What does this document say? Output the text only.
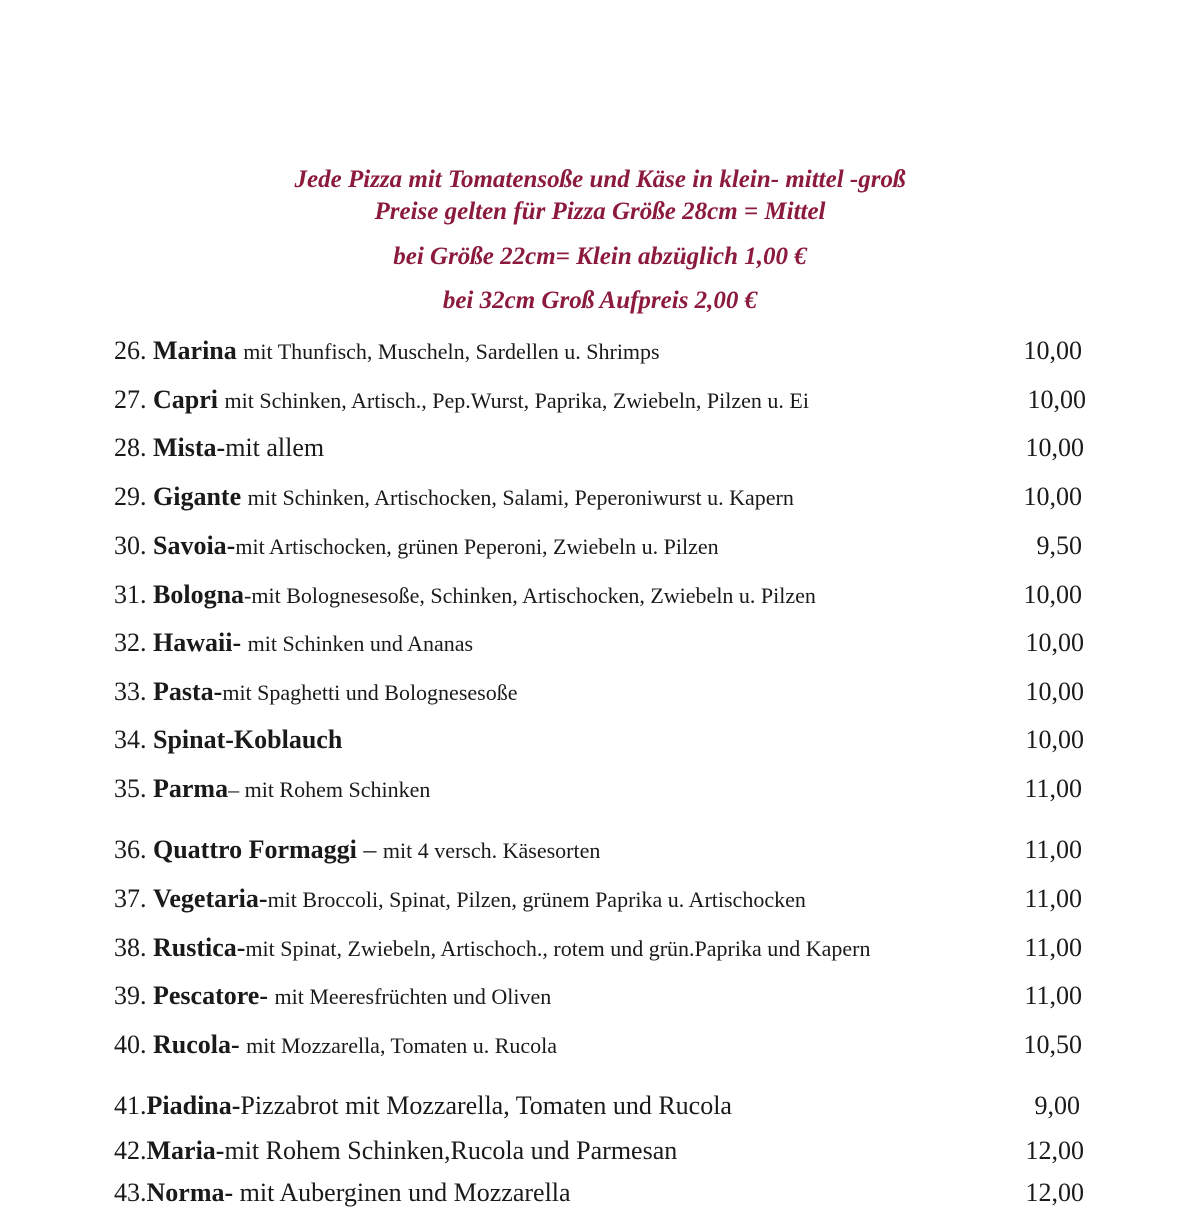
Jede Pizza mit Tomatensoße und Käse in klein- mittel -groß
Preise gelten für Pizza Größe 28cm = Mittel
bei Größe 22cm= Klein abzüglich 1,00 €
bei 32cm Groß Aufpreis 2,00 €
26. Marina mit Thunfisch, Muscheln, Sardellen u. Shrimps	10,00
27. Capri mit Schinken, Artisch., Pep.Wurst, Paprika, Zwiebeln, Pilzen u. Ei	10,00
28. Mista-mit allem	10,00
29. Gigante mit Schinken, Artischocken, Salami, Peperoniwurst u. Kapern	10,00
30. Savoia-mit Artischocken, grünen Peperoni, Zwiebeln u. Pilzen	9,50
31. Bologna-mit Bolognesesoße, Schinken, Artischocken, Zwiebeln u. Pilzen	10,00
32. Hawaii- mit Schinken und Ananas	10,00
33. Pasta-mit Spaghetti und Bolognesesoße	10,00
34. Spinat-Koblauch	10,00
35. Parma– mit Rohem Schinken	11,00
36. Quattro Formaggi – mit 4 versch. Käsesorten	11,00
37. Vegetaria-mit Broccoli, Spinat, Pilzen, grünem Paprika u. Artischocken	11,00
38. Rustica-mit Spinat, Zwiebeln, Artischoch., rotem und grün.Paprika und Kapern	11,00
39. Pescatore- mit Meeresfrüchten und Oliven	11,00
40. Rucola- mit Mozzarella, Tomaten u. Rucola	10,50
41.Piadina-Pizzabrot mit Mozzarella, Tomaten und Rucola	9,00
42.Maria-mit Rohem Schinken,Rucola und Parmesan	12,00
43.Norma- mit Auberginen und Mozzarella	12,00
